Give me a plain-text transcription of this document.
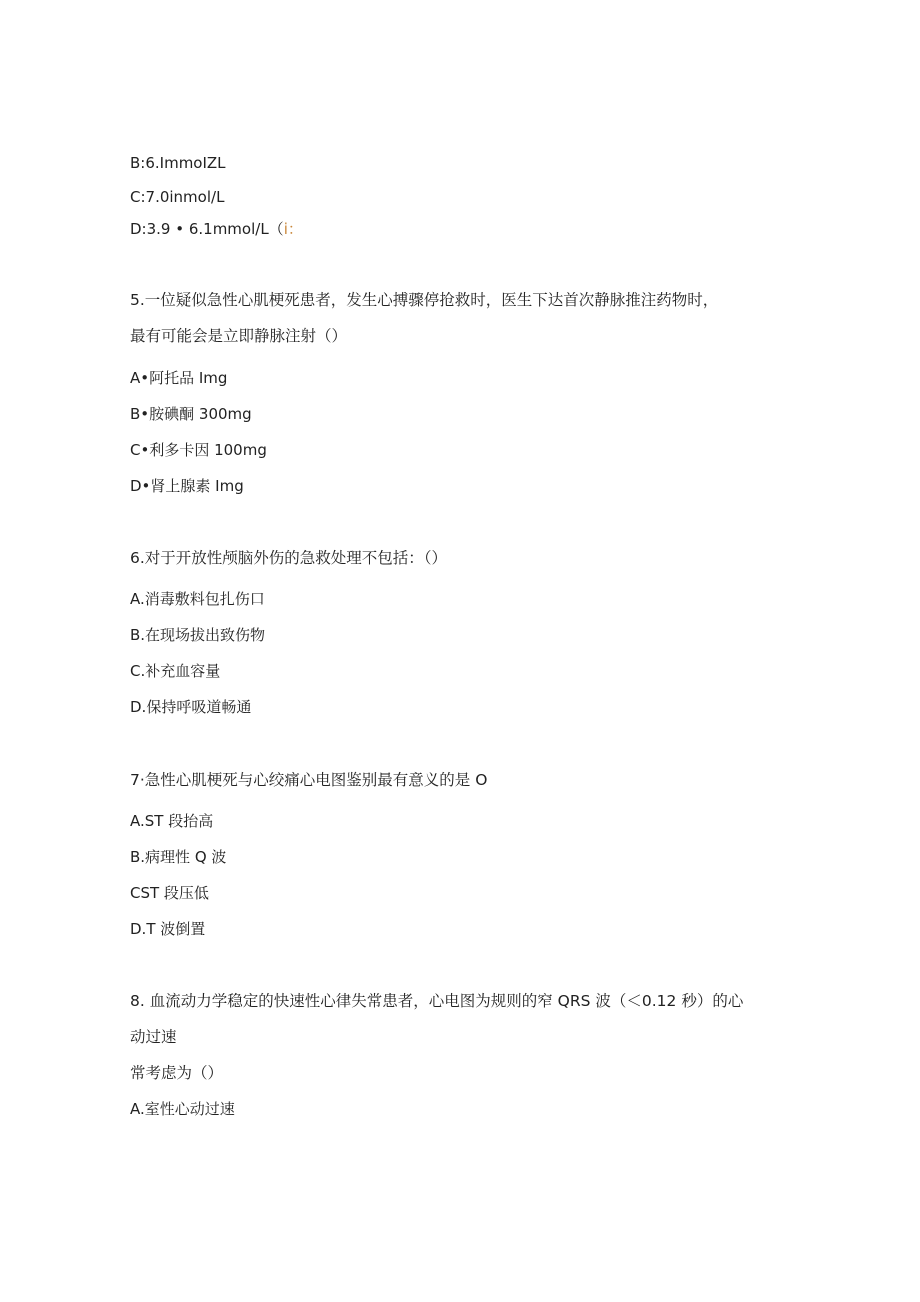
B:6.ImmoIZL
C:7.0inmol/L
D:3.9 • 6.1mmol/L（i：
5.一位疑似急性心肌梗死患者，发生心搏骤停抢救时，医生下达首次静脉推注药物时，
最有可能会是立即静脉注射（）
A•阿托品 Img
B•胺碘酮 300mg
C•利多卡因 100mg
D•肾上腺素 Img
6.对于开放性颅脑外伤的急救处理不包括：（）
A.消毒敷料包扎伤口
B.在现场拔出致伤物
C.补充血容量
D.保持呼吸道畅通
7·急性心肌梗死与心绞痛心电图鉴别最有意义的是 O
A.ST 段抬高
B.病理性 Q 波
CST 段压低
D.T 波倒置
8. 血流动力学稳定的快速性心律失常患者，心电图为规则的窄 QRS 波（＜0.12 秒）的心
动过速
常考虑为（）
A.室性心动过速
